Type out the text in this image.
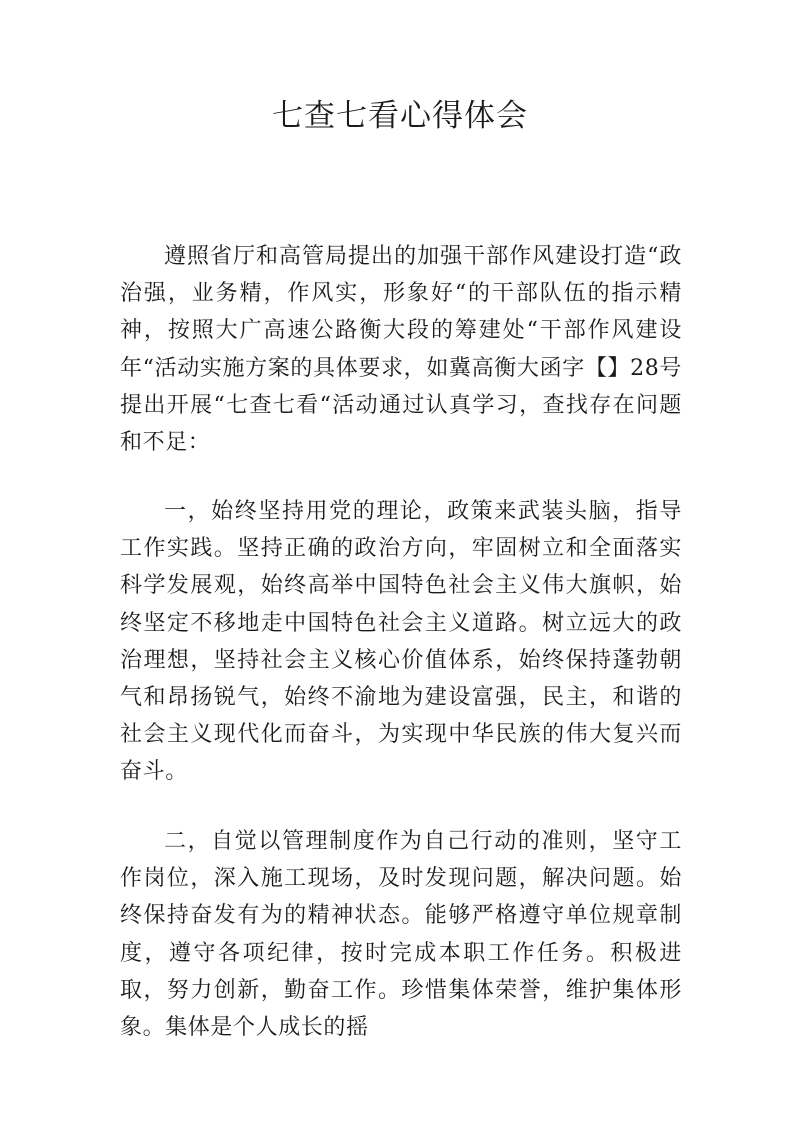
七查七看心得体会

遵照省厅和高管局提出的加强干部作风建设打造“政治强，业务精，作风实，形象好“的干部队伍的指示精神，按照大广高速公路衡大段的筹建处“干部作风建设年“活动实施方案的具体要求，如冀高衡大函字【】28号 提出开展“七查七看“活动通过认真学习，查找存在问题和不足：

一，始终坚持用党的理论，政策来武装头脑，指导工作实践。坚持正确的政治方向，牢固树立和全面落实科学发展观，始终高举中国特色社会主义伟大旗帜，始终坚定不移地走中国特色社会主义道路。树立远大的政治理想，坚持社会主义核心价值体系，始终保持蓬勃朝气和昂扬锐气，始终不渝地为建设富强，民主，和谐的社会主义现代化而奋斗，为实现中华民族的伟大复兴而奋斗。

二，自觉以管理制度作为自己行动的准则，坚守工作岗位，深入施工现场，及时发现问题，解决问题。始终保持奋发有为的精神状态。能够严格遵守单位规章制度，遵守各项纪律，按时完成本职工作任务。积极进取，努力创新，勤奋工作。珍惜集体荣誉，维护集体形象。集体是个人成长的摇
